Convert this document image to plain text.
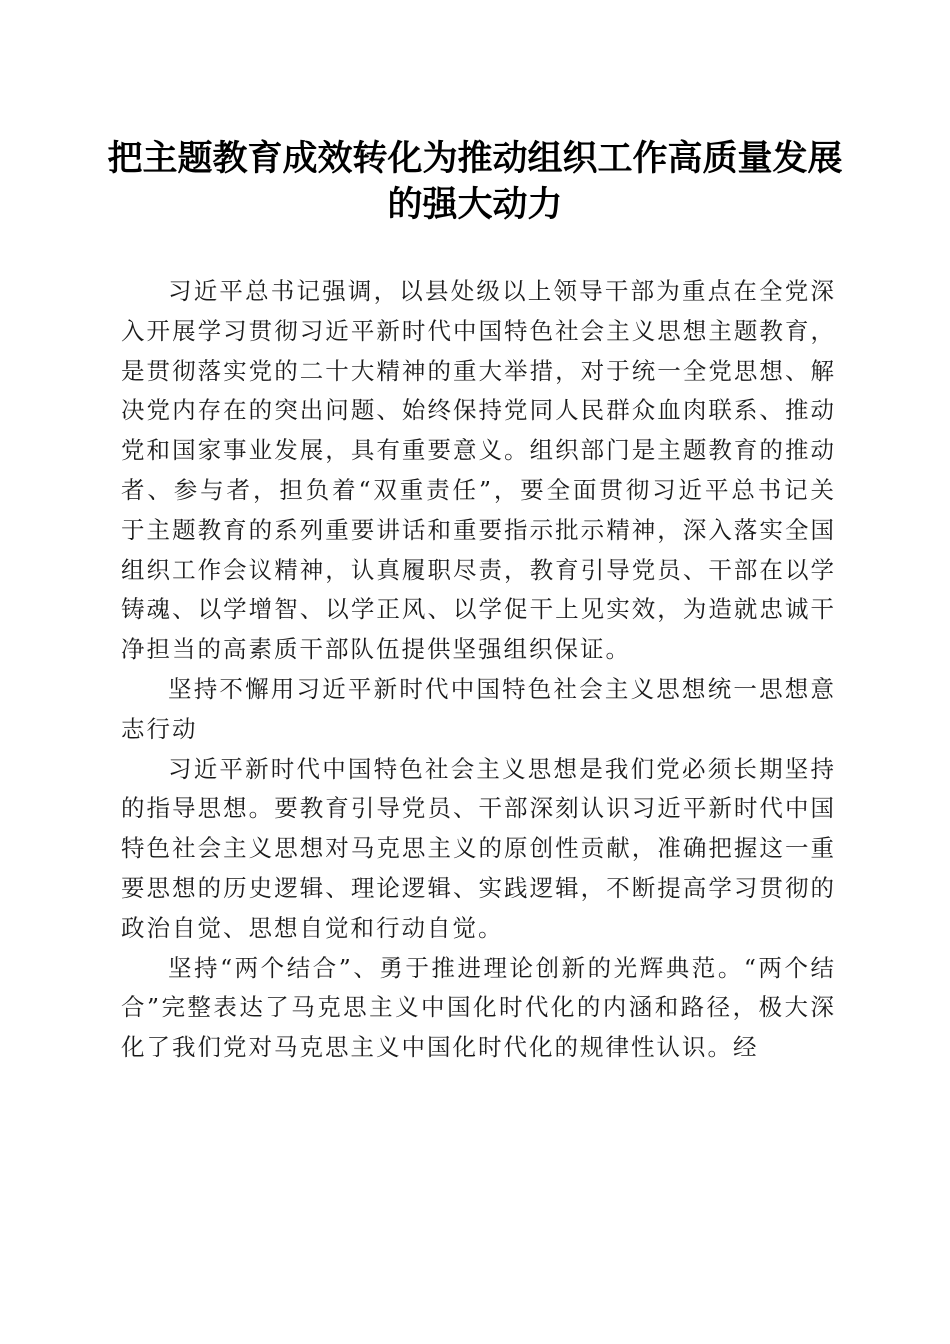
把主题教育成效转化为推动组织工作高质量发展的强大动力

习近平总书记强调，以县处级以上领导干部为重点在全党深入开展学习贯彻习近平新时代中国特色社会主义思想主题教育，是贯彻落实党的二十大精神的重大举措，对于统一全党思想、解决党内存在的突出问题、始终保持党同人民群众血肉联系、推动党和国家事业发展，具有重要意义。组织部门是主题教育的推动者、参与者，担负着“双重责任”，要全面贯彻习近平总书记关于主题教育的系列重要讲话和重要指示批示精神，深入落实全国组织工作会议精神，认真履职尽责，教育引导党员、干部在以学铸魂、以学增智、以学正风、以学促干上见实效，为造就忠诚干净担当的高素质干部队伍提供坚强组织保证。

坚持不懈用习近平新时代中国特色社会主义思想统一思想意志行动

习近平新时代中国特色社会主义思想是我们党必须长期坚持的指导思想。要教育引导党员、干部深刻认识习近平新时代中国特色社会主义思想对马克思主义的原创性贡献，准确把握这一重要思想的历史逻辑、理论逻辑、实践逻辑，不断提高学习贯彻的政治自觉、思想自觉和行动自觉。

坚持“两个结合”、勇于推进理论创新的光辉典范。“两个结合”完整表达了马克思主义中国化时代化的内涵和路径，极大深化了我们党对马克思主义中国化时代化的规律性认识。经
